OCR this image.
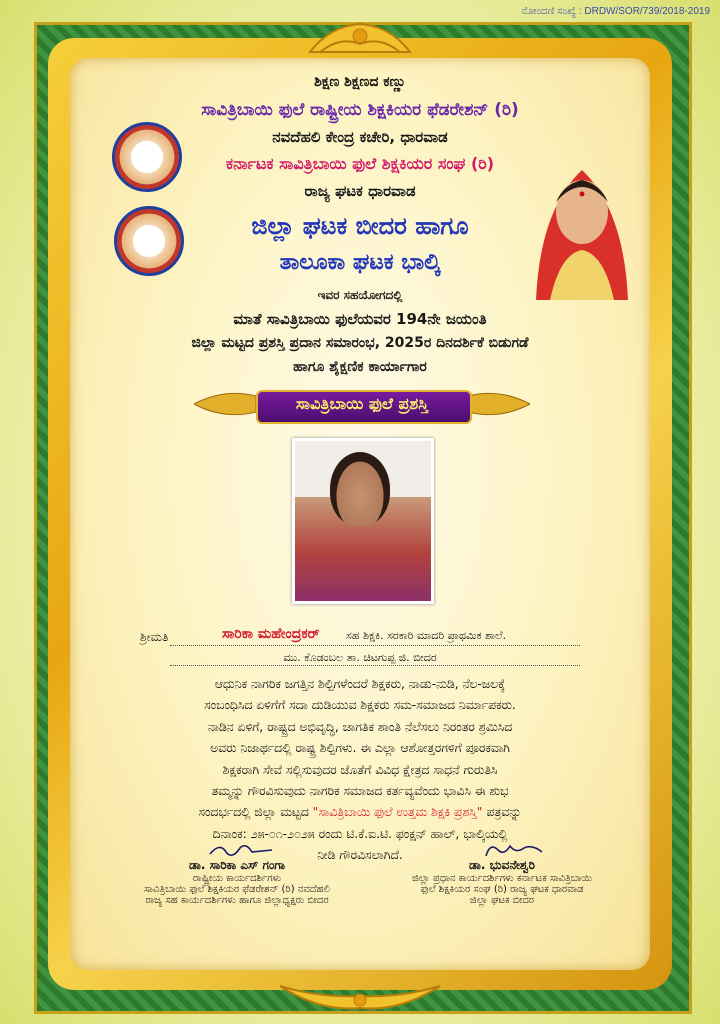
ನೋಂದಣಿ ಸಂಖ್ಯೆ : DRDW/SOR/739/2018-2019
ಶಿಕ್ಷಣ ಶಿಕ್ಷಣದ ಕಣ್ಣು
ಸಾವಿತ್ರಿಬಾಯಿ ಫುಲೆ ರಾಷ್ಟ್ರೀಯ ಶಿಕ್ಷಕಿಯರ ಫೆಡರೇಶನ್ (ರಿ)
ನವದೆಹಲಿ ಕೇಂದ್ರ ಕಚೇರಿ, ಧಾರವಾಡ
ಕರ್ನಾಟಕ ಸಾವಿತ್ರಿಬಾಯಿ ಫುಲೆ ಶಿಕ್ಷಕಿಯರ ಸಂಘ (ರಿ)
ರಾಜ್ಯ ಘಟಕ ಧಾರವಾಡ
ಜಿಲ್ಲಾ ಘಟಕ ಬೀದರ ಹಾಗೂ
ತಾಲೂಕಾ ಘಟಕ ಭಾಲ್ಕಿ
ಇವರ ಸಹಯೋಗದಲ್ಲಿ
ಮಾತೆ ಸಾವಿತ್ರಿಬಾಯಿ ಫುಲೆಯವರ 194ನೇ ಜಯಂತಿ
ಜಿಲ್ಲಾ ಮಟ್ಟದ ಪ್ರಶಸ್ತಿ ಪ್ರದಾನ ಸಮಾರಂಭ, 2025ರ ದಿನದರ್ಶಿಕೆ ಬಿಡುಗಡೆ
ಹಾಗೂ ಶೈಕ್ಷಣಿಕ ಕಾರ್ಯಾಗಾರ
ಸಾವಿತ್ರಿಬಾಯಿ ಫುಲೆ ಪ್ರಶಸ್ತಿ
ಶ್ರೀಮತಿ	ಸಾರಿಕಾ ಮಹೇಂದ್ರಕರ್ ಸಹ ಶಿಕ್ಷಕಿ. ಸರಕಾರಿ ಮಾದರಿ ಪ್ರಾಥಮಿಕ ಶಾಲೆ.
ಮು. ಕೊಡಂಬಲ ತಾ. ಚಿಟಗುಪ್ಪ ಜಿ. ಬೀದರ
ಆಧುನಿಕ ನಾಗರಿಕ ಜಗತ್ತಿನ ಶಿಲ್ಪಿಗಳೆಂದರೆ ಶಿಕ್ಷಕರು, ನಾಡು-ನುಡಿ, ನೆಲ-ಜಲಕ್ಕೆ
ಸಂಬಂಧಿಸಿದ ಏಳಿಗೆಗೆ ಸದಾ ದುಡಿಯುವ ಶಿಕ್ಷಕರು ಸಮ-ಸಮಾಜದ ನಿರ್ಮಾಪಕರು.
ನಾಡಿನ ಏಳಿಗೆ, ರಾಷ್ಟ್ರದ ಅಭಿವೃದ್ಧಿ, ಜಾಗತಿಕ ಶಾಂತಿ ನೆಲೆಸಲು ನಿರಂತರ ಶ್ರಮಿಸಿದ
ಅವರು ನಿಜಾರ್ಥದಲ್ಲಿ ರಾಷ್ಟ್ರ ಶಿಲ್ಪಿಗಳು. ಈ ಎಲ್ಲಾ ಆಶೋತ್ತರಗಳಿಗೆ ಪೂರಕವಾಗಿ
ಶಿಕ್ಷಕರಾಗಿ ಸೇವೆ ಸಲ್ಲಿಸುವುದರ ಜೊತೆಗೆ ವಿವಿಧ ಕ್ಷೇತ್ರದ ಸಾಧನೆ ಗುರುತಿಸಿ
ತಮ್ಮನ್ನು ಗೌರವಿಸುವುದು ನಾಗರಿಕ ಸಮಾಜದ ಕರ್ತವ್ಯವೆಂದು ಭಾವಿಸಿ ಈ ಶುಭ
ಸಂದರ್ಭದಲ್ಲಿ ಜಿಲ್ಲಾ ಮಟ್ಟದ "ಸಾವಿತ್ರಿಬಾಯಿ ಫುಲೆ ಉತ್ತಮ ಶಿಕ್ಷಕಿ ಪ್ರಶಸ್ತಿ" ಪತ್ರವನ್ನು
ದಿನಾಂಕ: ೨೫-೦೧-೨೦೨೫ ರಂದು ಟಿ.ಕೆ.ಐ.ಟಿ. ಫಂಕ್ಷನ್ ಹಾಲ್, ಭಾಲ್ಕಿಯಲ್ಲಿ
ನೀಡಿ ಗೌರವಿಸಲಾಗಿದೆ.
ಡಾ. ಸಾರಿಕಾ ಎಸ್ ಗಂಗಾ
ರಾಷ್ಟ್ರೀಯ ಕಾರ್ಯದರ್ಶಿಗಳು
ಸಾವಿತ್ರಿಬಾಯಿ ಫುಲೆ ಶಿಕ್ಷಕಿಯರ ಫೆಡರೇಶನ್ (ರಿ) ನವದೆಹಲಿ
ರಾಜ್ಯ ಸಹ ಕಾರ್ಯದರ್ಶಿಗಳು ಹಾಗೂ ಜಿಲ್ಲಾಧ್ಯಕ್ಷರು ಬೀದರ
ಡಾ. ಭುವನೇಶ್ವರಿ
ಜಿಲ್ಲಾ ಪ್ರಧಾನ ಕಾರ್ಯದರ್ಶಿಗಳು ಕರ್ನಾಟಕ ಸಾವಿತ್ರಿಬಾಯಿ
ಫುಲೆ ಶಿಕ್ಷಕಿಯರ ಸಂಘ (ರಿ) ರಾಜ್ಯ ಘಟಕ ಧಾರವಾಡ
ಜಿಲ್ಲಾ ಘಟಕ ಬೀದರ
